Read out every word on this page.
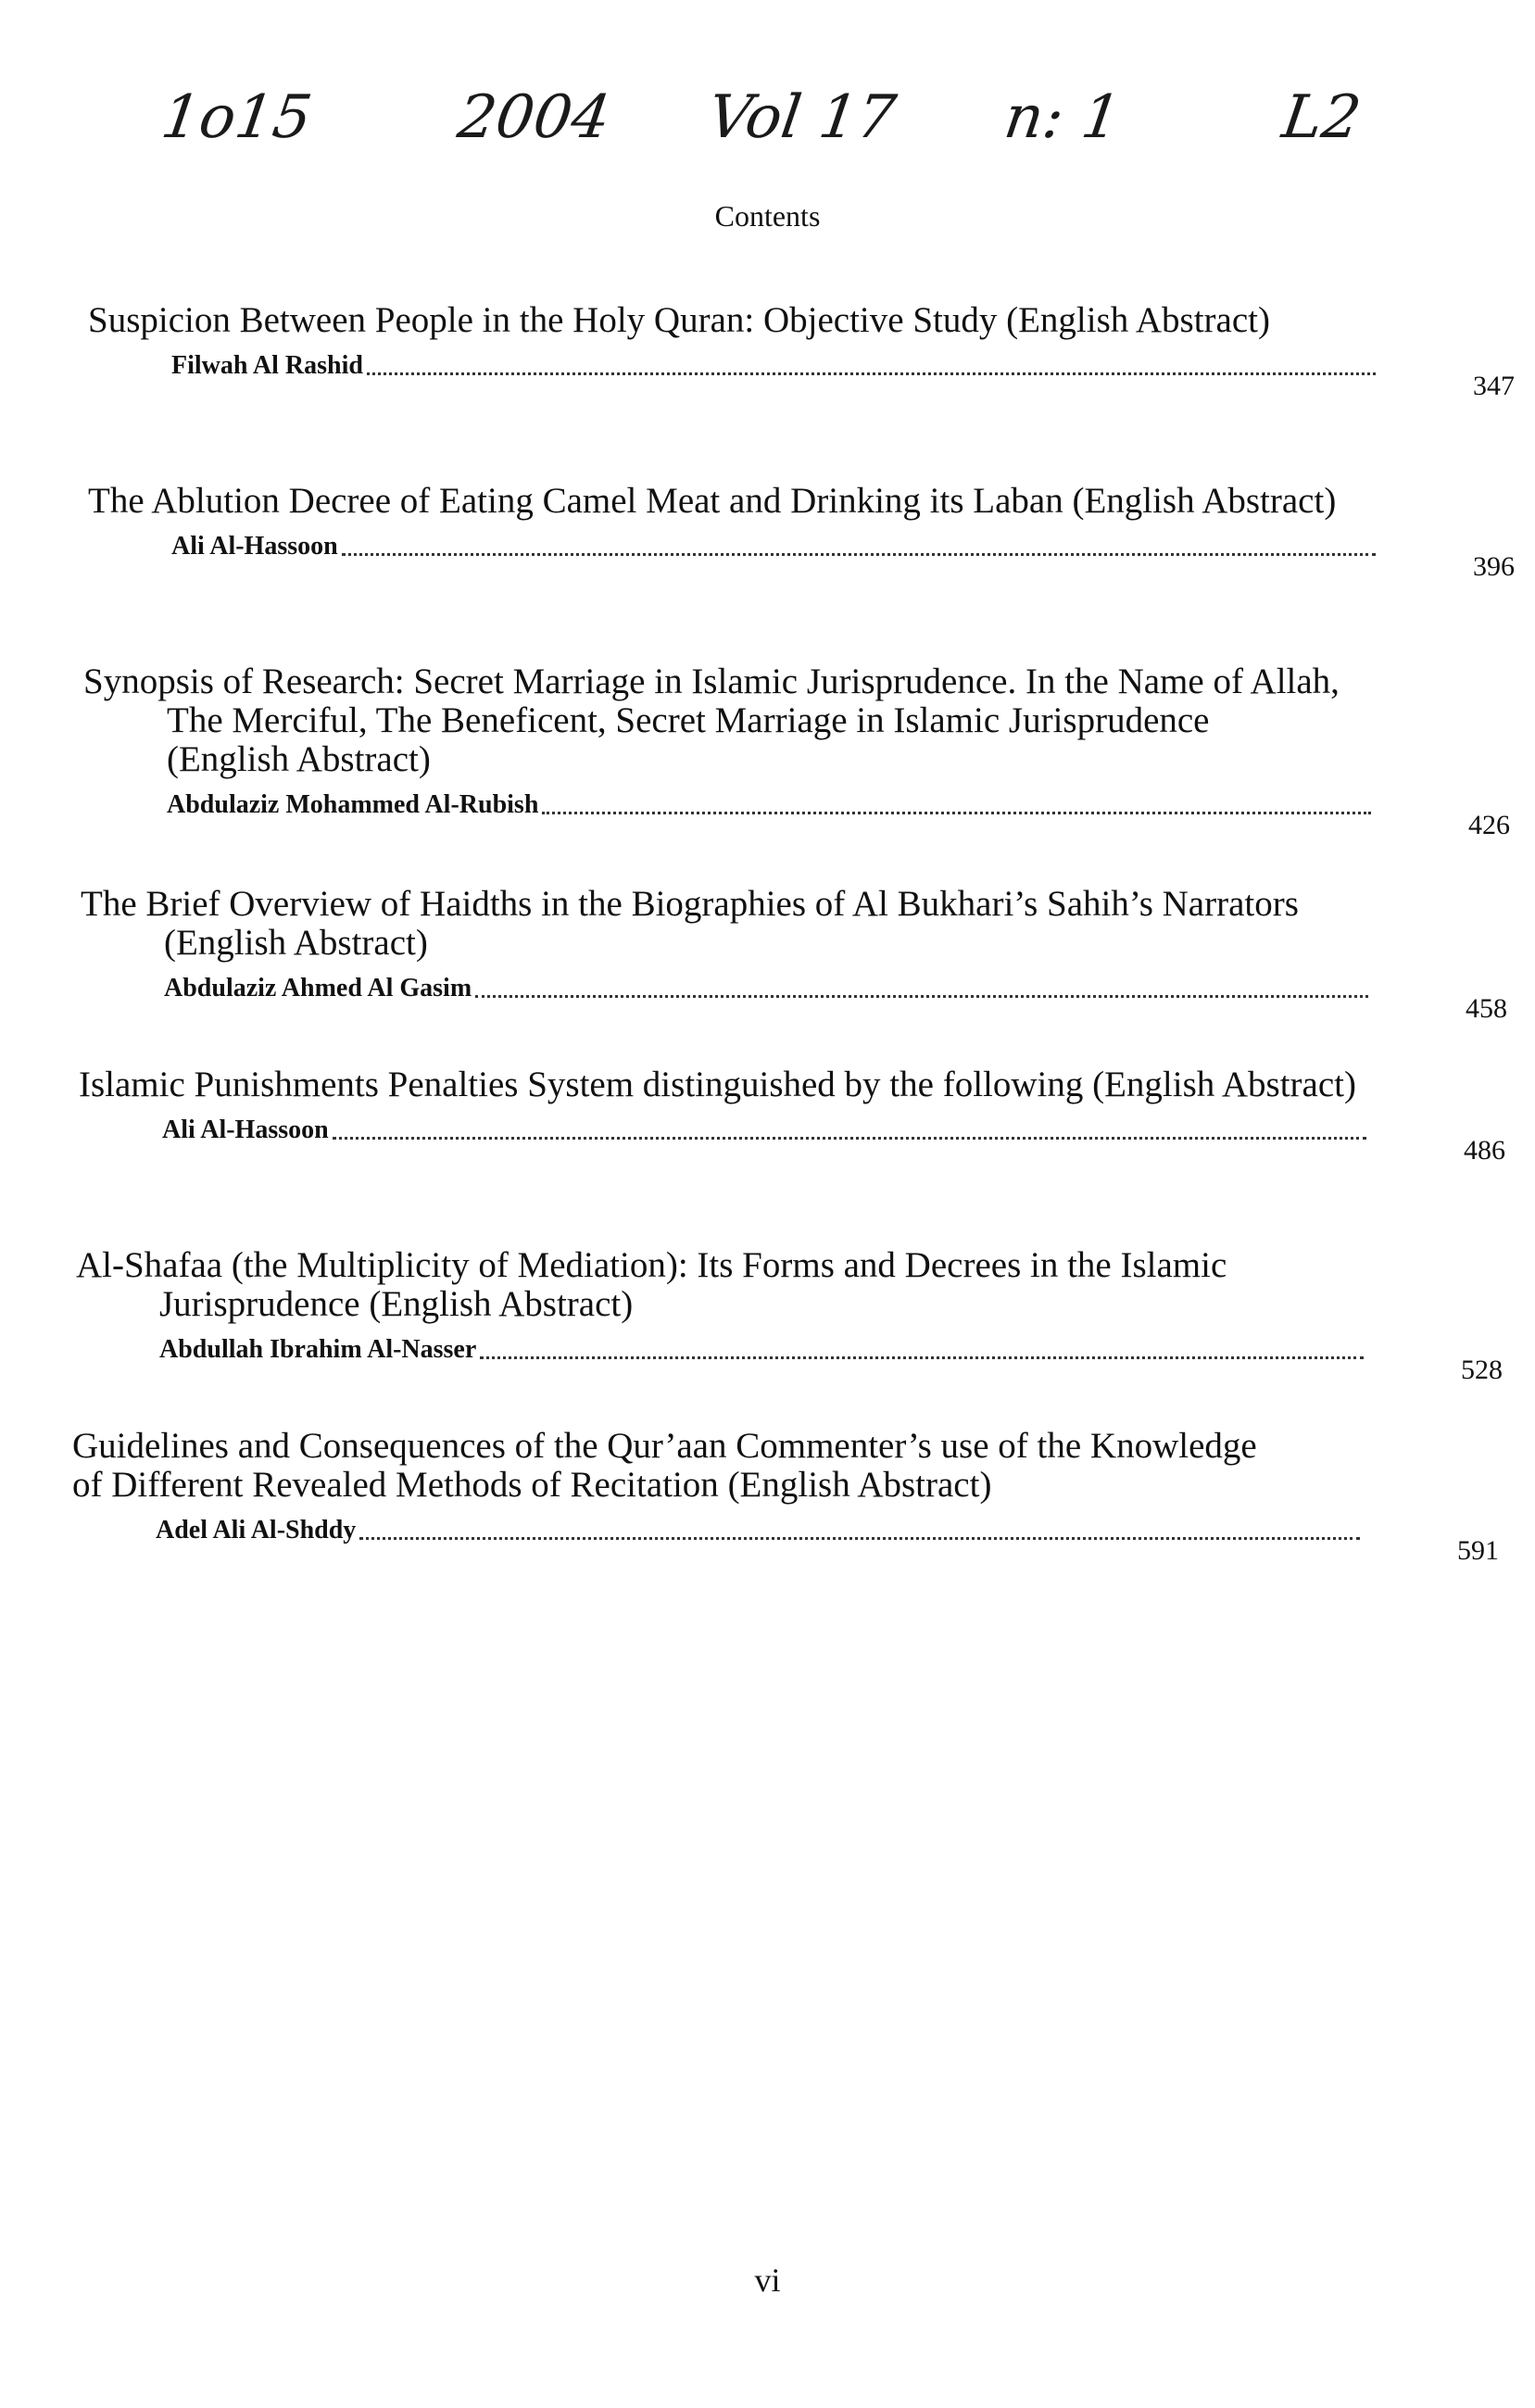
1o15 2004 Vol 17 n: 1	L2
Contents
Suspicion Between People in the Holy Quran: Objective Study (English Abstract)
Filwah Al Rashid
347
The Ablution Decree of Eating Camel Meat and Drinking its Laban (English Abstract)
Ali Al-Hassoon
396
Synopsis of Research: Secret Marriage in Islamic Jurisprudence. In the Name of Allah, The Merciful, The Beneficent, Secret Marriage in Islamic Jurisprudence (English Abstract)
Abdulaziz Mohammed Al-Rubish
426
The Brief Overview of Haidths in the Biographies of Al Bukhari’s Sahih’s Narrators (English Abstract)
Abdulaziz Ahmed Al Gasim
458
Islamic Punishments Penalties System distinguished by the following (English Abstract)
Ali Al-Hassoon
486
Al-Shafaa (the Multiplicity of Mediation): Its Forms and Decrees in the Islamic Jurisprudence (English Abstract)
Abdullah Ibrahim Al-Nasser
528
Guidelines and Consequences of the Qur’aan Commenter’s use of the Knowledge of Different Revealed Methods of Recitation (English Abstract)
Adel Ali Al-Shddy
591
vi
